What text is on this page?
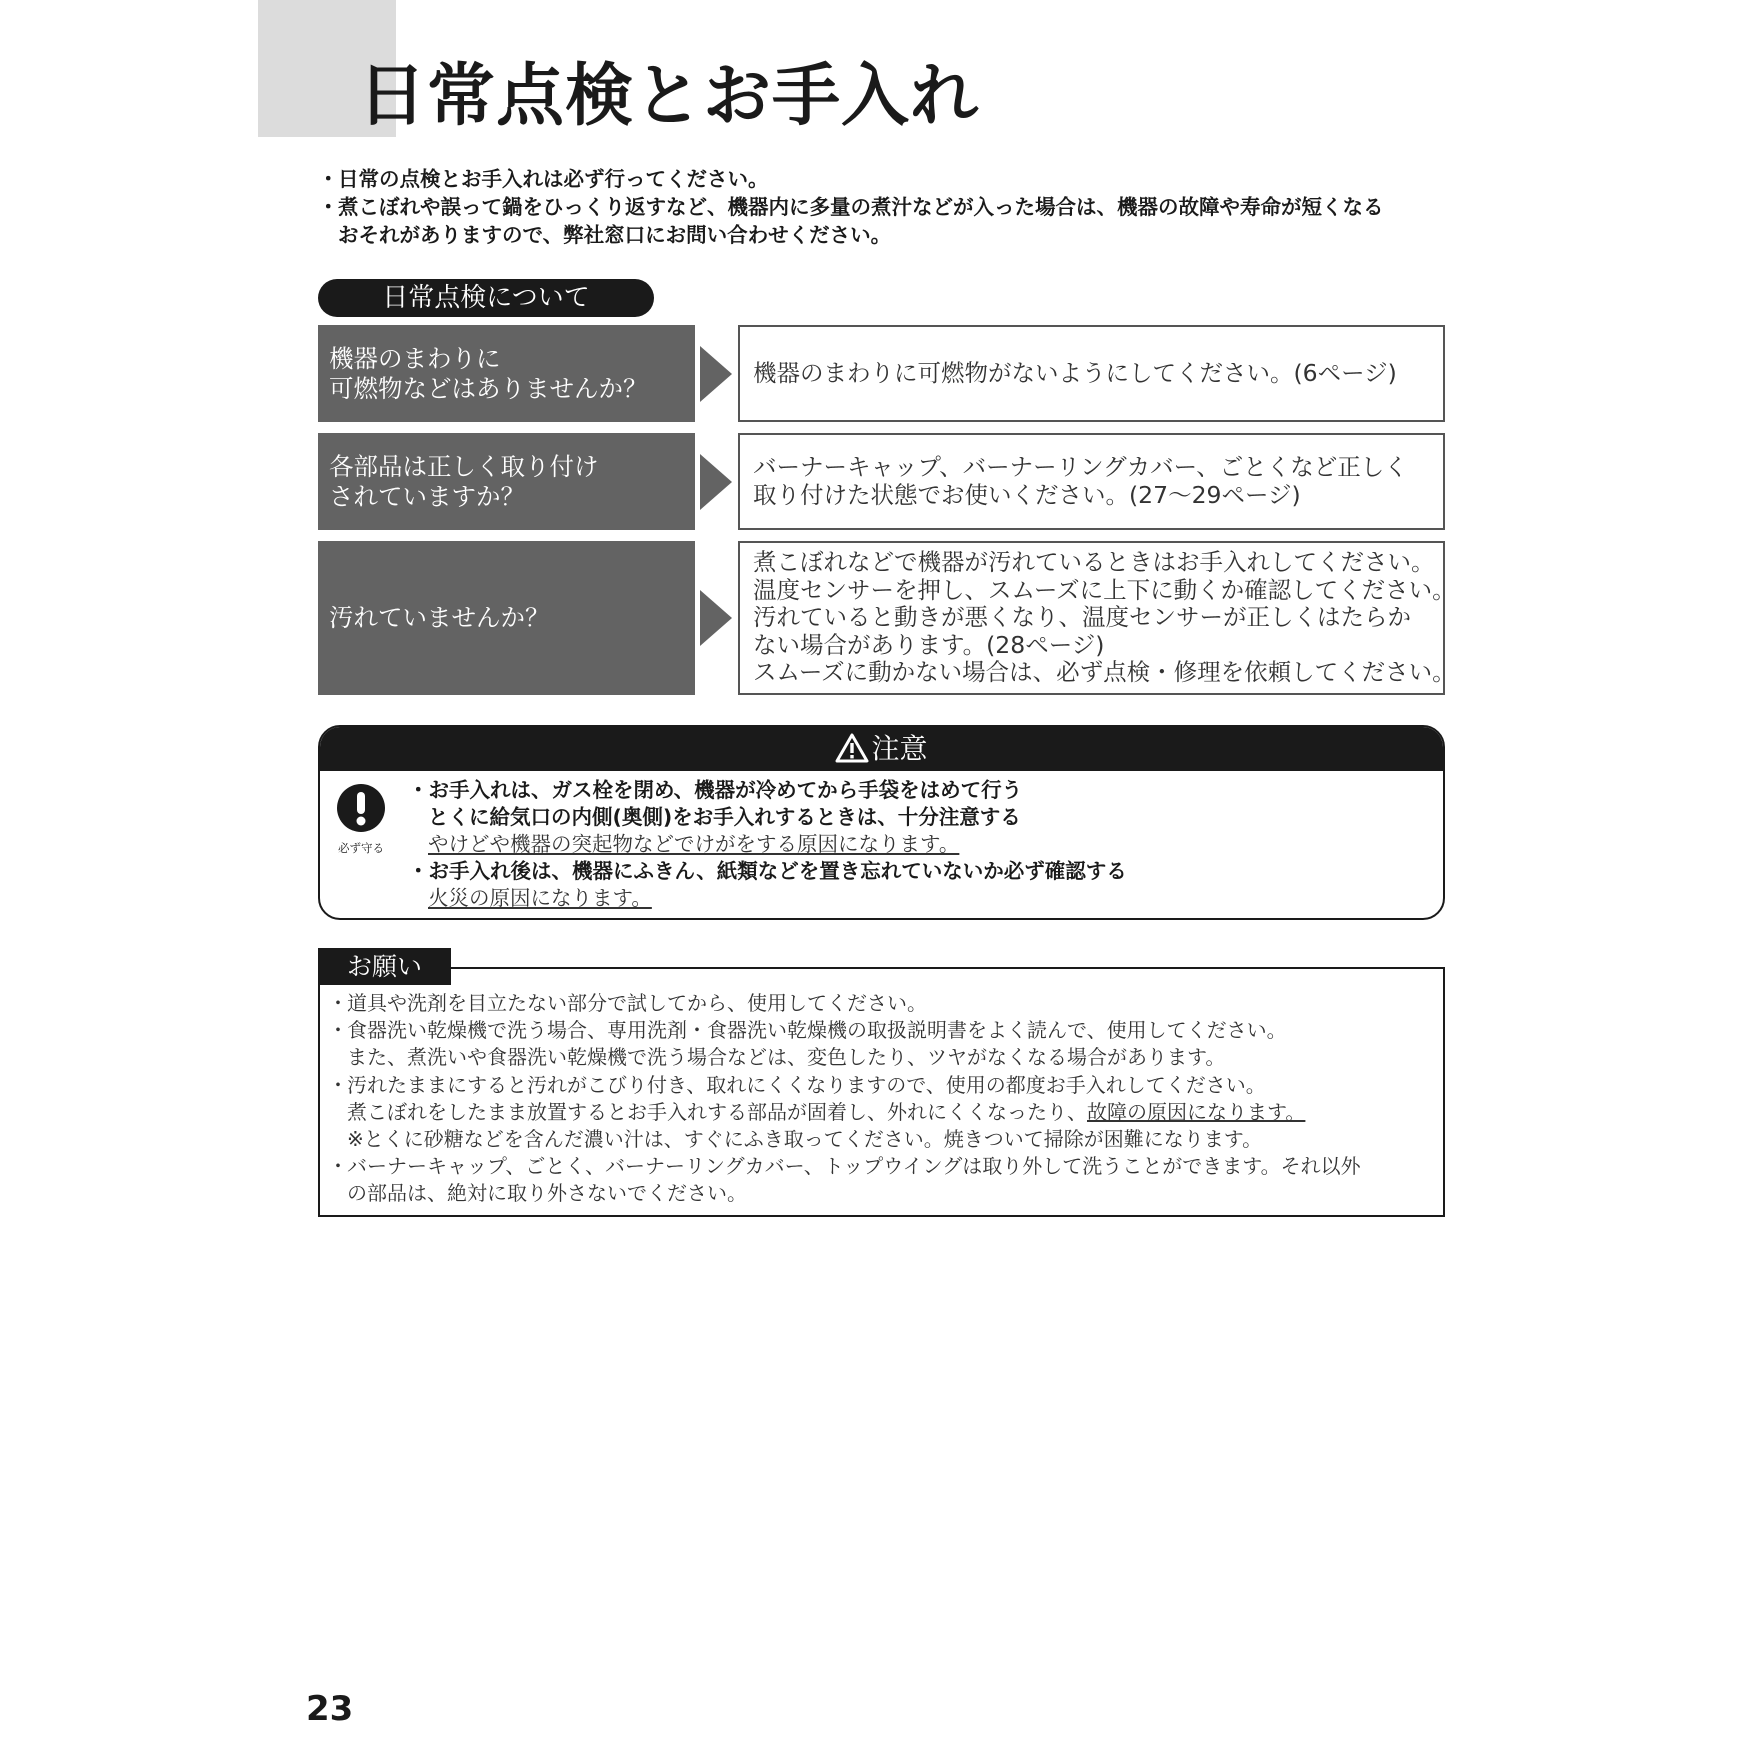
日常点検とお手入れ
・ 日常の点検とお手入れは必ず行ってください。
・ 煮こぼれや誤って鍋をひっくり返すなど、機器内に多量の煮汁などが入った場合は、機器の故障や寿命が短くなる
おそれがありますので、弊社窓口にお問い合わせください。
日常点検について
機器のまわりに
可燃物などはありませんか？
機器のまわりに可燃物がないようにしてください。(6ページ)
各部品は正しく取り付け
されていますか？
バーナーキャップ、バーナーリングカバー、ごとくなど正しく
取り付けた状態でお使いください。(27～29ページ)
汚れていませんか？
煮こぼれなどで機器が汚れているときはお手入れしてください。
温度センサーを押し、スムーズに上下に動くか確認してください。
汚れていると動きが悪くなり、温度センサーが正しくはたらか
ない場合があります。(28ページ)
スムーズに動かない場合は、必ず点検・修理を依頼してください。
注意
必ず守る
・お手入れは、ガス栓を閉め、機器が冷めてから手袋をはめて行う
とくに給気口の内側(奥側)をお手入れするときは、十分注意する
やけどや機器の突起物などでけがをする原因になります。
・お手入れ後は、機器にふきん、紙類などを置き忘れていないか必ず確認する
火災の原因になります。
・道具や洗剤を目立たない部分で試してから、使用してください。
・食器洗い乾燥機で洗う場合、専用洗剤・食器洗い乾燥機の取扱説明書をよく読んで、使用してください。
また、煮洗いや食器洗い乾燥機で洗う場合などは、変色したり、ツヤがなくなる場合があります。
・汚れたままにすると汚れがこびり付き、取れにくくなりますので、使用の都度お手入れしてください。
煮こぼれをしたまま放置するとお手入れする部品が固着し、外れにくくなったり、故障の原因になります。
※とくに砂糖などを含んだ濃い汁は、すぐにふき取ってください。焼きついて掃除が困難になります。
・バーナーキャップ、ごとく、バーナーリングカバー、トップウイングは取り外して洗うことができます。それ以外
の部品は、絶対に取り外さないでください。
お願い
23
